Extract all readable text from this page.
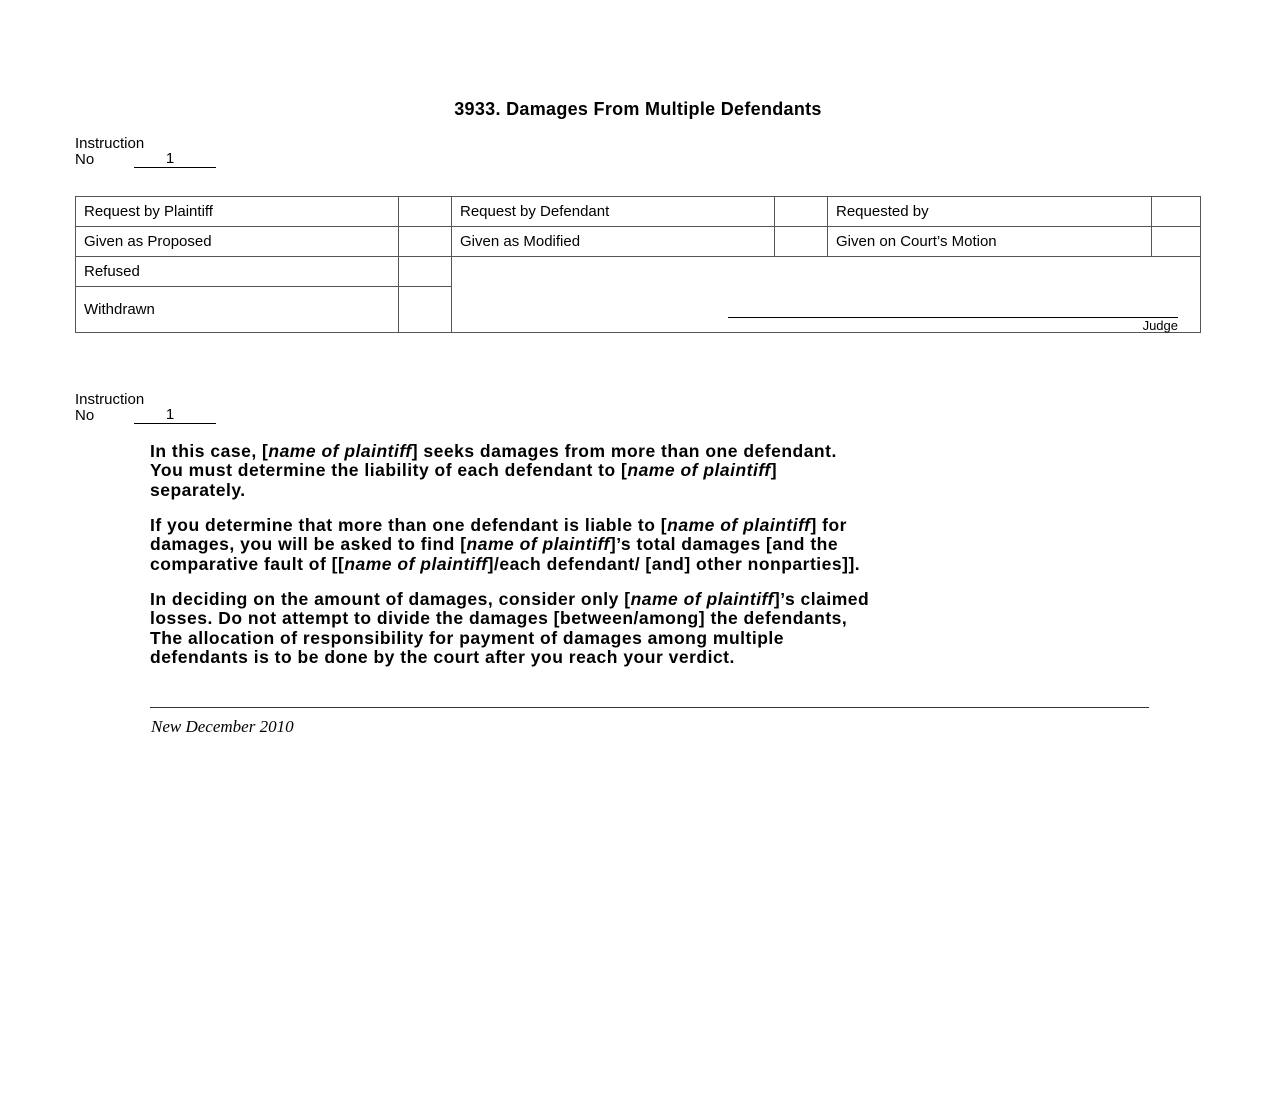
3933. Damages From Multiple Defendants
Instruction
No	1
Request by Plaintiff		Request by Defendant		Requested by	
Given as Proposed		Given as Modified		Given on Court’s Motion	
Refused		Judge			

Withdrawn					
Instruction
No	1

In this case, [name of plaintiff] seeks damages from more than one defendant.
You must determine the liability of each defendant to [name of plaintiff]
separately.

If you determine that more than one defendant is liable to [name of plaintiff] for
damages, you will be asked to find [name of plaintiff]’s total damages [and the
comparative fault of [[name of plaintiff]/each defendant/ [and] other nonparties]].

In deciding on the amount of damages, consider only [name of plaintiff]’s claimed
losses. Do not attempt to divide the damages [between/among] the defendants,
The allocation of responsibility for payment of damages among multiple
defendants is to be done by the court after you reach your verdict.

New December 2010
